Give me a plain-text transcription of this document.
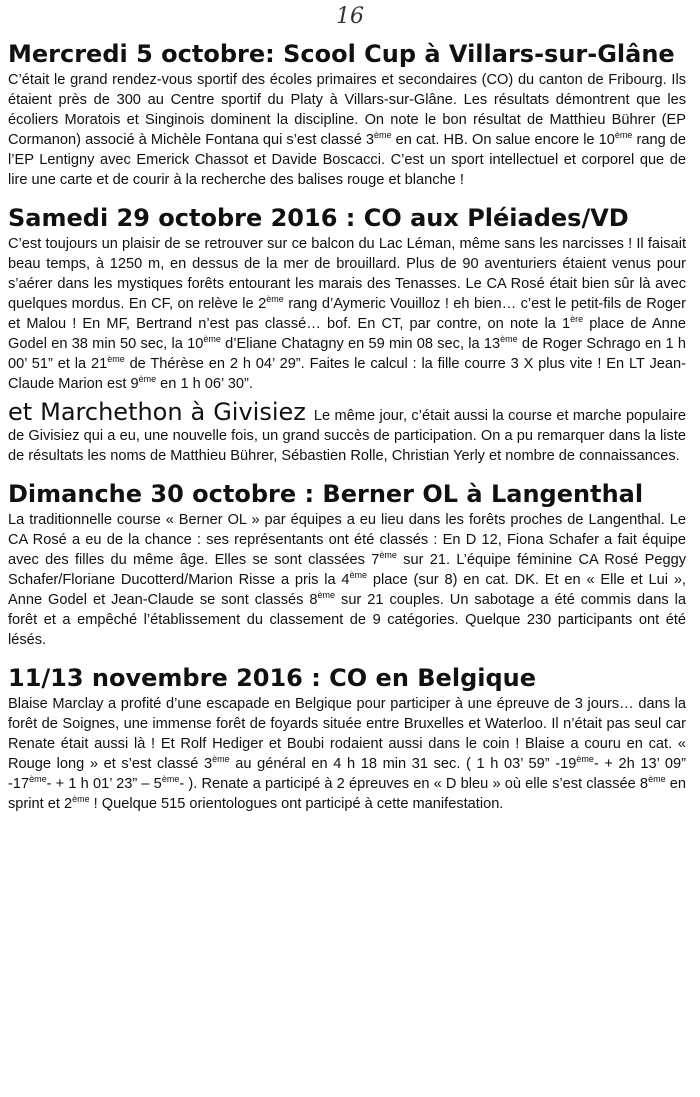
16
Mercredi 5 octobre: Scool Cup à Villars-sur-Glâne

C’était le grand rendez-vous sportif des écoles primaires et secondaires (CO) du canton de Fribourg. Ils étaient près de 300 au Centre sportif du Platy à Villars-sur-Glâne. Les résultats démontrent que les écoliers Moratois et Singinois dominent la discipline. On note le bon résultat de Matthieu Bührer (EP Cormanon) associé à Michèle Fontana qui s’est classé 3ème en cat. HB. On salue encore le 10ème rang de l’EP Lentigny avec Emerick Chassot et Davide Boscacci. C’est un sport intellectuel et corporel que de lire une carte et de courir à la recherche des balises rouge et blanche !

Samedi 29 octobre 2016 : CO aux Pléiades/VD

C’est toujours un plaisir de se retrouver sur ce balcon du Lac Léman, même sans les narcisses ! Il faisait beau temps, à 1250 m, en dessus de la mer de brouillard. Plus de 90 aventuriers étaient venus pour s’aérer dans les mystiques forêts entourant les marais des Tenasses. Le CA Rosé était bien sûr là avec quelques mordus. En CF, on relève le 2ème rang d’Aymeric Vouilloz ! eh bien… c’est le petit-fils de Roger et Malou ! En MF, Bertrand n’est pas classé… bof. En CT, par contre, on note la 1ère place de Anne Godel en 38 min 50 sec, la 10ème d’Eliane Chatagny en 59 min 08 sec, la 13ème de Roger Schrago en 1 h 00’ 51” et la 21ème de Thérèse en 2 h 04’ 29”. Faites le calcul : la fille courre 3 X plus vite ! En LT Jean-Claude Marion est 9ème en 1 h 06’ 30”.

et Marchethon à Givisiez Le même jour, c’était aussi la course et marche populaire de Givisiez qui a eu, une nouvelle fois, un grand succès de participation. On a pu remarquer dans la liste de résultats les noms de Matthieu Bührer, Sébastien Rolle, Christian Yerly et nombre de connaissances.

Dimanche 30 octobre : Berner OL à Langenthal

La traditionnelle course « Berner OL » par équipes a eu lieu dans les forêts proches de Langenthal. Le CA Rosé a eu de la chance : ses représentants ont été classés : En D 12, Fiona Schafer a fait équipe avec des filles du même âge. Elles se sont classées 7ème sur 21. L’équipe féminine CA Rosé Peggy Schafer/Floriane Ducotterd/Marion Risse a pris la 4ème place (sur 8) en cat. DK. Et en « Elle et Lui », Anne Godel et Jean-Claude se sont classés 8ème sur 21 couples. Un sabotage a été commis dans la forêt et a empêché l’établissement du classement de 9 catégories. Quelque 230 participants ont été lésés.

11/13 novembre 2016 : CO en Belgique

Blaise Marclay a profité d’une escapade en Belgique pour participer à une épreuve de 3 jours… dans la forêt de Soignes, une immense forêt de foyards située entre Bruxelles et Waterloo. Il n’était pas seul car Renate était aussi là ! Et Rolf Hediger et Boubi rodaient aussi dans le coin ! Blaise a couru en cat. « Rouge long » et s’est classé 3ème au général en 4 h 18 min 31 sec. ( 1 h 03’ 59” -19ème- + 2h 13’ 09” -17ème- + 1 h 01’ 23” – 5ème- ). Renate a participé à 2 épreuves en « D bleu » où elle s’est classée 8ème en sprint et 2ème ! Quelque 515 orientologues ont participé à cette manifestation.
